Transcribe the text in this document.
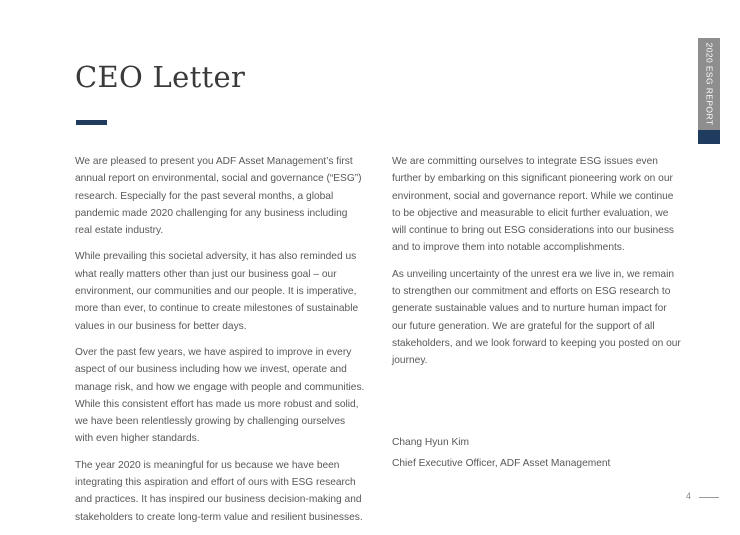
CEO Letter	2020 ESG REPORT

We are pleased to present you ADF Asset Management’s first annual report on environmental, social and governance (“ESG”) research. Especially for the past several months, a global pandemic made 2020 challenging for any business including real estate industry.

While prevailing this societal adversity, it has also reminded us what really matters other than just our business goal – our environment, our communities and our people. It is imperative, more than ever, to continue to create milestones of sustainable values in our business for better days.

Over the past few years, we have aspired to improve in every aspect of our business including how we invest, operate and manage risk, and how we engage with people and communities. While this consistent effort has made us more robust and solid, we have been relentlessly growing by challenging ourselves with even higher standards.

The year 2020 is meaningful for us because we have been integrating this aspiration and effort of ours with ESG research and practices. It has inspired our business decision-making and stakeholders to create long-term value and resilient businesses.

We are committing ourselves to integrate ESG issues even further by embarking on this significant pioneering work on our environment, social and governance report. While we continue to be objective and measurable to elicit further evaluation, we will continue to bring out ESG considerations into our business and to improve them into notable accomplishments.

As unveiling uncertainty of the unrest era we live in, we remain to strengthen our commitment and efforts on ESG research to generate sustainable values and to nurture human impact for our future generation. We are grateful for the support of all stakeholders, and we look forward to keeping you posted on our journey.

Chang Hyun Kim
Chief Executive Officer, ADF Asset Management
4
